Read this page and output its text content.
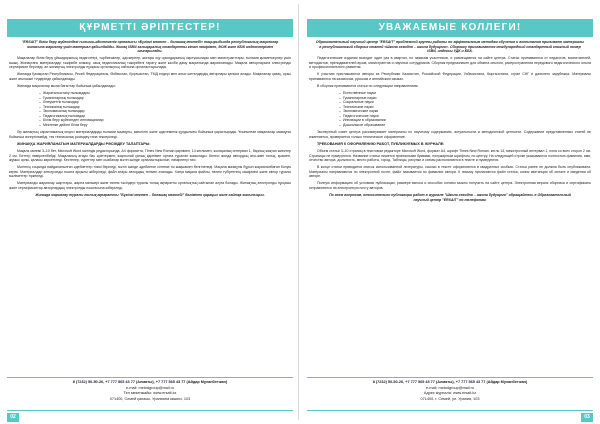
ҚҰРМЕТТІ ӘРІПТЕСТЕР!

"ERSAIT" білім беру жүйесіндегі ғылыми-әдістемелік орталығы «Бүгінгі мектеп – болашақ мектебі» тақырыбында республикалық мақалалар жинағына жариялау үшін материал қабылдайды. Жинақ ISBN халықаралық стандартты кітап нөмірімен, ӘОЖ және КБЖ индекстерімен шығарылады.

Мақалалар білім беру ұйымдарының педагогтері, тәрбиешілер, әдіскерлер, жоғары оқу орындарының оқытушылары мен магистранттары, ғылыми қызметкерлер үшін ашық. Жинақтағы материалдар тәжірибе алмасу, озық педагогикалық тәжірибені тарату және кәсіби даму мақсатында жарияланады. Мақала авторларына электронды сертификат беріледі, ал жинақтың электронды нұсқасы орталықтың сайтына орналастырылады.

Жинаққа Қазақстан Республикасы, Ресей Федерациясы, Өзбекстан, Қырғызстан, ТМД елдері мен алыс шетелдердің авторлары қатыса алады. Мақалалар қазақ, орыс және ағылшын тілдерінде қабылданады.

Жинаққа мақалалар мына бағыттар бойынша қабылданады:

– Жаратылыстану ғылымдары
– Гуманитарлық ғылымдар
– Әлеуметтік ғылымдар
– Техникалық ғылымдар
– Экономикалық ғылымдар
– Педагогикалық ғылымдар
– Білім беру жүйесіндегі инновациялар
– Мектепке дейінгі білім беру

Әр жинақтың сараптамалық кеңесі материалдарды ғылыми мазмұны, өзектілігі және әдістемелік құндылығы бойынша қарастырады. Ұсынылған мақалалар мазмұны бойынша өзгертілмейді, тек техникалық рәсімдеу ғана тексеріледі.

ЖИНАҚҚА ЖАРИЯЛАНАТЫН МАТЕРИАЛДАРДЫ РӘСІМДЕУ ТАЛАПТАРЫ:

Мақала көлемі 3–10 бет, Microsoft Word мәтіндік редакторында, А4 форматта, Times New Roman қарпімен, 14 кегльмен, жоларалық интервал 1, барлық жақтан жиектер 2 см. Беттер нөмірленбейді. Мақаланың атауы бас әріптермен, жартылай қалың қарпімен ортаға туралап жазылады. Келесі жолда автордың аты-жөні толық, қызметі, жұмыс орны, қаласы көрсетіледі. Кестелер, суреттер мен сызбалар мәтін ішінде орналастырылып, нөмірленуі тиіс.

Мәтіннің соңында пайдаланылған әдебиеттер тізімі беріледі, мәтін ішінде әдебиетке сілтеме тік жақшамен белгіленеді. Мақала мазмұны бұрын жарияланбаған болуы керек. Материалдар электронды пошта арқылы жіберіледі, файл атауы автордың тегімен аталады. Хатқа мақала файлы, төлем түбіртегінің көшірмесі және автор туралы мәліметтер тіркеледі.

Материалды жариялау шарттары, жарна мөлшері және төлем тәсілдері туралы толық ақпаратты орталықтың сайтынан алуға болады. Жинақтың электронды нұсқасы және сертификаттар авторлардың электронды поштасына жіберіледі.

Жинаққа жариялау туралы толық ақпаратты "Бүгінгі мектеп – болашақ мектебі" бөлімінен қараңыз және сайтқа жазылыңыз.

8 (7232) 50-50-26, +7 777 565 43 77 (Алматы), +7 777 565 43 77 (Айдар Мұханбетжан)
e-mail: metodgroup@mail.ru
Тел мекенжайы: www.ersait.kz
071400, Семей қаласы, Уранияна көшесі, 103
02
УВАЖАЕМЫЕ КОЛЛЕГИ!

Образовательный научный центр "ERSAIT" проблемной группы работы по эффективным методам обучения и воспитания принимает материалы в республиканский сборник статей «Школа сегодня – школа будущего». Сборнику присваивается международный стандартный книжный номер ISBN, индексы УДК и ББК.

Педагогические издания выходят один раз в квартал, по заявкам участников, и размещаются на сайте центра. Статьи принимаются от педагогов, воспитателей, методистов, преподавателей вузов, магистрантов и научных сотрудников. Сборник предназначен для обмена опытом, распространения передового педагогического опыта и профессионального развития.

К участию приглашаются авторы из Республики Казахстан, Российской Федерации, Узбекистана, Кыргызстана, стран СНГ и дальнего зарубежья. Материалы принимаются на казахском, русском и английском языках.

В сборник принимаются статьи по следующим направлениям:

– Естественные науки
– Гуманитарные науки
– Социальные науки
– Технические науки
– Экономические науки
– Педагогические науки
– Инновации в образовании
– Дошкольное образование

Экспертный совет центра рассматривает материалы по научному содержанию, актуальности и методической ценности. Содержание представленных статей не изменяется, проверяется только техническое оформление.

ТРЕБОВАНИЯ К ОФОРМЛЕНИЮ РАБОТ, ПУБЛИКУЕМЫХ В ЖУРНАЛЕ:

Объем статьи 3–10 страниц в текстовом редакторе Microsoft Word, формат А4, шрифт Times New Roman, кегль 14, межстрочный интервал 1, поля со всех сторон 2 см. Страницы не нумеруются. Название статьи пишется прописными буквами, полужирным шрифтом, по центру. На следующей строке указываются полностью фамилия, имя, отчество автора, должность, место работы, город. Таблицы, рисунки и схемы располагаются в тексте и нумеруются.

В конце статьи приводится список использованной литературы, ссылки в тексте оформляются в квадратных скобках. Статья ранее не должна быть опубликована. Материалы направляются по электронной почте, файл называется по фамилии автора. К письму прилагаются файл статьи, копия квитанции об оплате и сведения об авторе.

Полную информацию об условиях публикации, размере взноса и способах оплаты можно получить на сайте центра. Электронная версия сборника и сертификаты отправляются на электронную почту авторов.

По всем вопросам, относительно публикации работ в журнале "Школа сегодня – школа будущего" обращайтесь в Образовательный научный центр "ERSAIT" по телефонам.

8 (7232) 50-50-26, +7 777 565 43 77 (Алматы), +7 777 565 43 77 (Айдар Муханбетжан)
e-mail: metodgroup@mail.ru
Адрес журнала: www.ersait.kz
071400, г. Семей, ул. Урания, 103
03
